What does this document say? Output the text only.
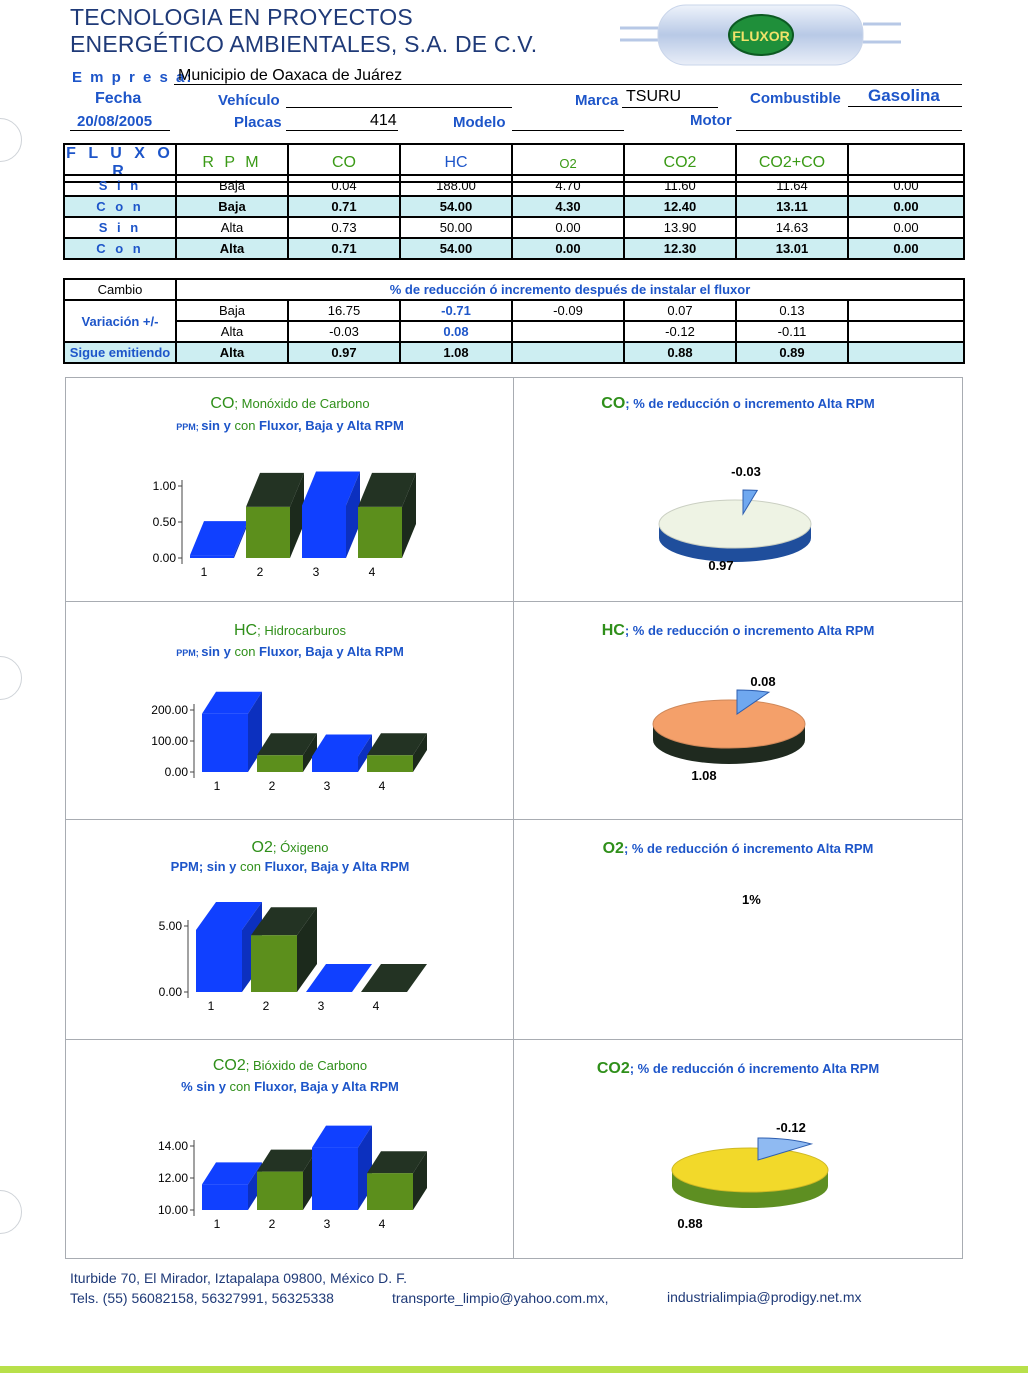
TECNOLOGIA EN PROYECTOS
ENERGÉTICO AMBIENTALES, S.A. DE C.V.	FLUXOR
E m p r e s a:
Municipio de Oaxaca de Juárez
Fecha
20/08/2005
Vehículo
Placas	414	Modelo
Marca TSURU
Motor
Combustible Gasolina
F L U X O R	R P M	CO	HC	O2	CO2	CO2+CO	
S i n	Baja	0.04	188.00	4.70	11.60	11.64	0.00
C o n	Baja	0.71	54.00	4.30	12.40	13.11	0.00
S i n	Alta	0.73	50.00	0.00	13.90	14.63	0.00
C o n	Alta	0.71	54.00	0.00	12.30	13.01	0.00
Cambio	% de reducción ó incremento después de instalar el fluxor						
Variación +/-	Baja	16.75	-0.71	-0.09	0.07	0.13	
	Alta	-0.03	0.08		-0.12	-0.11	
Sigue emitiendo	Alta	0.97	1.08		0.88	0.89	
CO; Monóxido de Carbono
PPM; sin y con Fluxor, Baja y Alta RPM
0.00
0.50
1.00
1	2	3	4
CO; % de reducción o incremento Alta RPM
0.97
-0.03
HC; Hidrocarburos
PPM; sin y con Fluxor, Baja y Alta RPM
0.00
100.00
200.00
1	2	3	4
HC; % de reducción o incremento Alta RPM
1.08
0.08
O2; Óxigeno
PPM; sin y con Fluxor, Baja y Alta RPM
0.00
5.00
1	2	3	4
O2; % de reducción ó incremento Alta RPM
1%
CO2; Bióxido de Carbono
% sin y con Fluxor, Baja y Alta RPM
10.00
12.00
14.00
1	2	3	4
CO2; % de reducción ó incremento Alta RPM
0.88
-0.12
Iturbide 70, El Mirador, Iztapalapa 09800, México D. F.
Tels. (55) 56082158, 56327991, 56325338	transporte_limpio@yahoo.com.mx,	industrialimpia@prodigy.net.mx
